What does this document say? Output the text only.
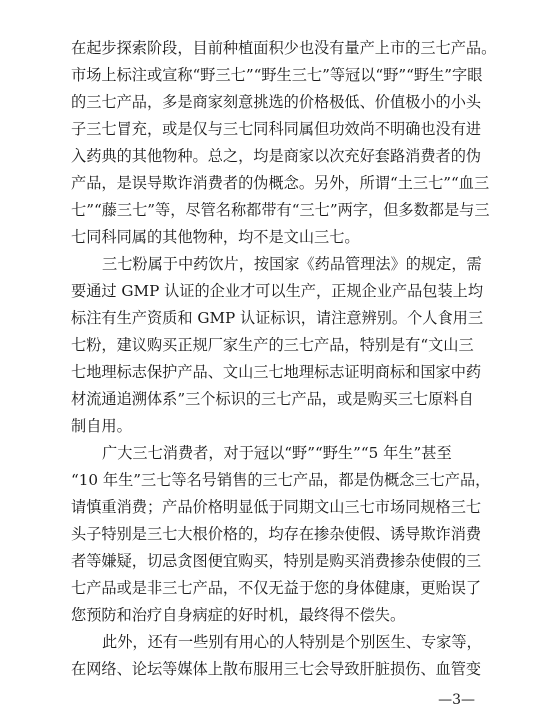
在起步探索阶段，目前种植面积少也没有量产上市的三七产品。
市场上标注或宣称“野三七”“野生三七”等冠以“野”“野生”字眼
的三七产品，多是商家刻意挑选的价格极低、价值极小的小头
子三七冒充，或是仅与三七同科同属但功效尚不明确也没有进
入药典的其他物种。总之，均是商家以次充好套路消费者的伪
产品，是误导欺诈消费者的伪概念。另外，所谓“土三七”“血三
七”“藤三七”等，尽管名称都带有“三七”两字，但多数都是与三
七同科同属的其他物种，均不是文山三七。
三七粉属于中药饮片，按国家《药品管理法》的规定，需
要通过 GMP 认证的企业才可以生产，正规企业产品包装上均
标注有生产资质和 GMP 认证标识，请注意辨别。个人食用三
七粉，建议购买正规厂家生产的三七产品，特别是有“文山三
七地理标志保护产品、文山三七地理标志证明商标和国家中药
材流通追溯体系”三个标识的三七产品，或是购买三七原料自
制自用。
广大三七消费者，对于冠以“野”“野生”“5 年生”甚至
“10 年生”三七等名号销售的三七产品，都是伪概念三七产品，
请慎重消费；产品价格明显低于同期文山三七市场同规格三七
头子特别是三七大根价格的，均存在掺杂使假、诱导欺诈消费
者等嫌疑，切忌贪图便宜购买，特别是购买消费掺杂使假的三
七产品或是非三七产品，不仅无益于您的身体健康，更贻误了
您预防和治疗自身病症的好时机，最终得不偿失。
此外，还有一些别有用心的人特别是个别医生、专家等，
在网络、论坛等媒体上散布服用三七会导致肝脏损伤、血管变
—3—
